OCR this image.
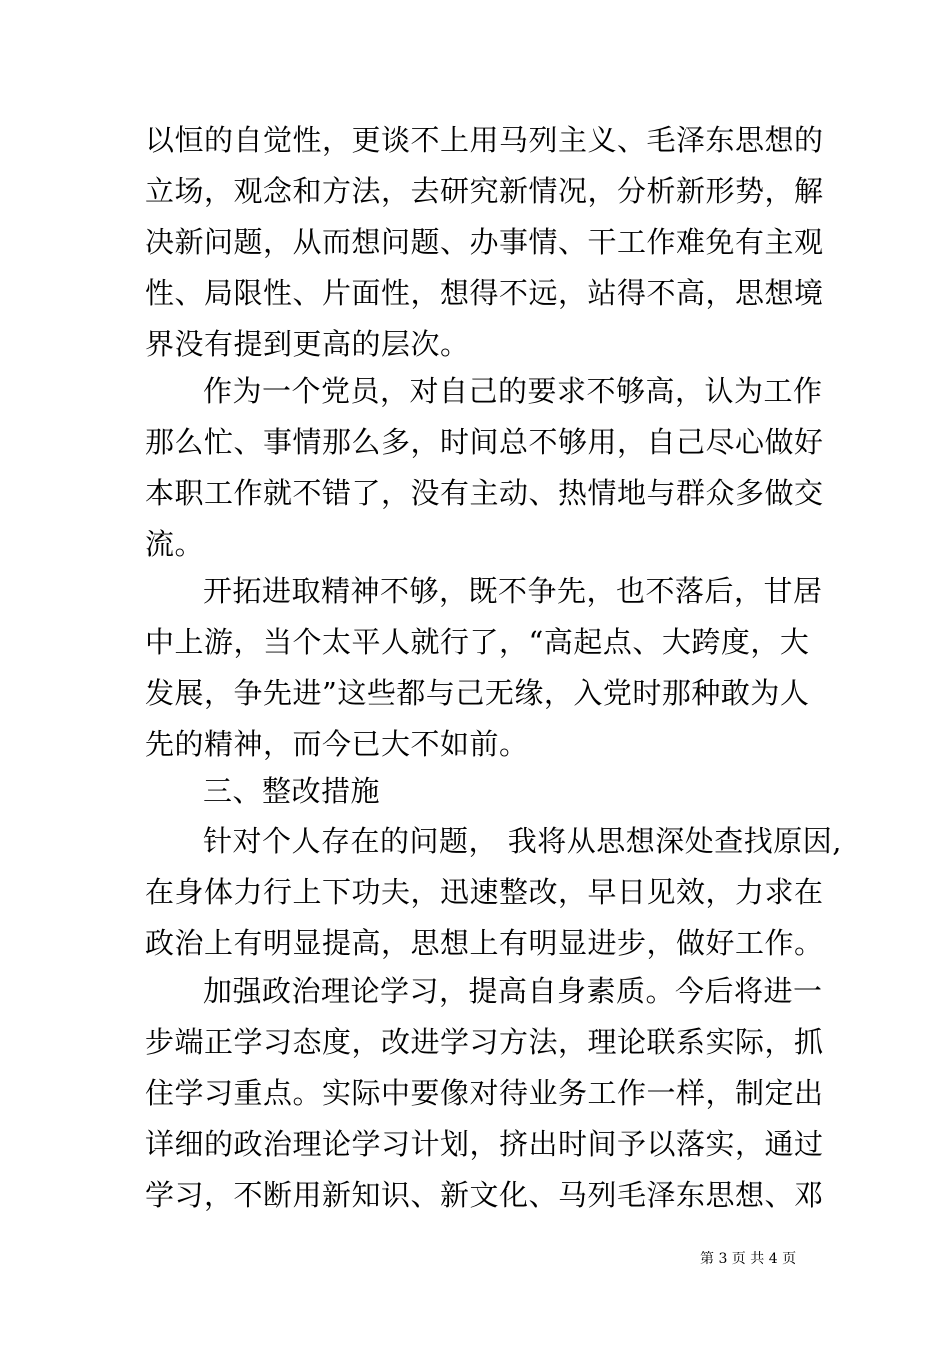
以恒的自觉性，更谈不上用马列主义、毛泽东思想的
立场，观念和方法，去研究新情况，分析新形势，解
决新问题，从而想问题、办事情、干工作难免有主观
性、局限性、片面性，想得不远，站得不高，思想境
界没有提到更高的层次。
作为一个党员，对自己的要求不够高，认为工作
那么忙、事情那么多，时间总不够用，自己尽心做好
本职工作就不错了，没有主动、热情地与群众多做交
流。
开拓进取精神不够，既不争先，也不落后，甘居
中上游，当个太平人就行了，“高起点、大跨度，大
发展，争先进”这些都与己无缘，入党时那种敢为人
先的精神，而今已大不如前。
三、整改措施
针对个人存在的问题， 我将从思想深处查找原因,
在身体力行上下功夫，迅速整改，早日见效，力求在
政治上有明显提高，思想上有明显进步，做好工作。
加强政治理论学习，提高自身素质。今后将进一
步端正学习态度，改进学习方法，理论联系实际，抓
住学习重点。实际中要像对待业务工作一样，制定出
详细的政治理论学习计划，挤出时间予以落实，通过
学习，不断用新知识、新文化、马列毛泽东思想、邓
第 3 页 共 4 页
